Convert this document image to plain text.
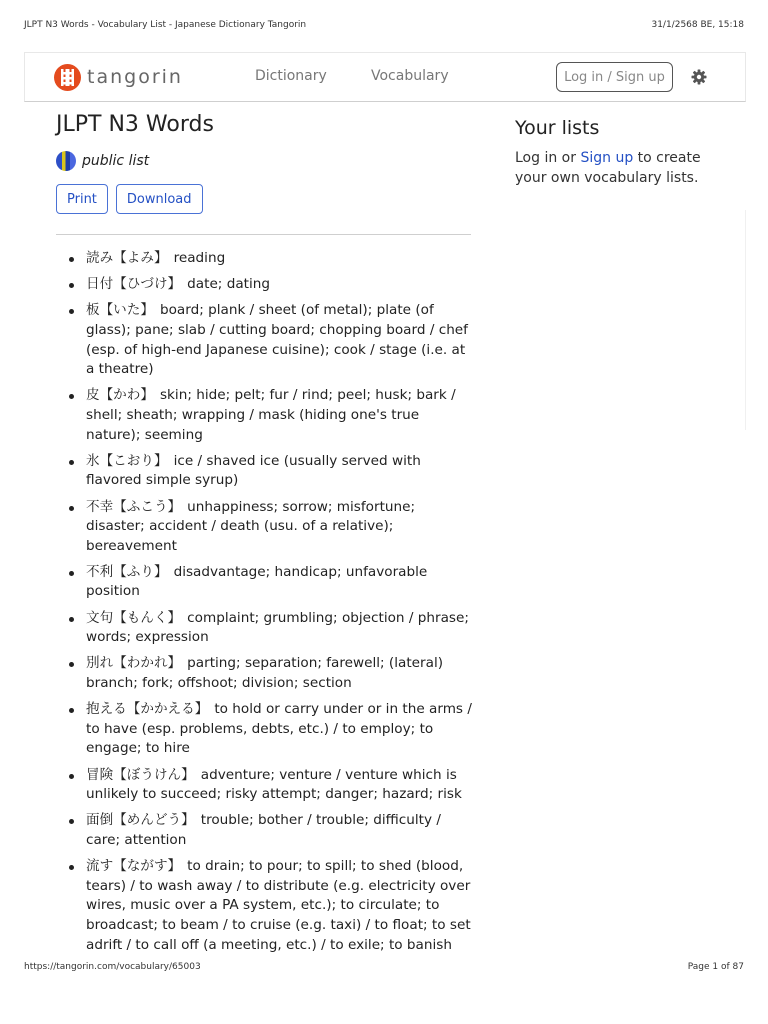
JLPT N3 Words - Vocabulary List - Japanese Dictionary Tangorin	31/1/2568 BE, 15:18
tangorin	Dictionary	Vocabulary	Log in / Sign up
JLPT N3 Words
public list
Print	Download
読み【よみ】 reading
日付【ひづけ】 date; dating
板【いた】 board; plank / sheet (of metal); plate (of glass); pane; slab / cutting board; chopping board / chef (esp. of high-end Japanese cuisine); cook / stage (i.e. at a theatre)
皮【かわ】 skin; hide; pelt; fur / rind; peel; husk; bark / shell; sheath; wrapping / mask (hiding one's true nature); seeming
氷【こおり】 ice / shaved ice (usually served with flavored simple syrup)
不幸【ふこう】 unhappiness; sorrow; misfortune; disaster; accident / death (usu. of a relative); bereavement
不利【ふり】 disadvantage; handicap; unfavorable position
文句【もんく】 complaint; grumbling; objection / phrase; words; expression
別れ【わかれ】 parting; separation; farewell; (lateral) branch; fork; offshoot; division; section
抱える【かかえる】 to hold or carry under or in the arms / to have (esp. problems, debts, etc.) / to employ; to engage; to hire
冒険【ぼうけん】 adventure; venture / venture which is unlikely to succeed; risky attempt; danger; hazard; risk
面倒【めんどう】 trouble; bother / trouble; difficulty / care; attention
流す【ながす】 to drain; to pour; to spill; to shed (blood, tears) / to wash away / to distribute (e.g. electricity over wires, music over a PA system, etc.); to circulate; to broadcast; to beam / to cruise (e.g. taxi) / to float; to set adrift / to call off (a meeting, etc.) / to exile; to banish
Your lists

Log in or Sign up to create your own vocabulary lists.

https://tangorin.com/vocabulary/65003	Page 1 of 87
